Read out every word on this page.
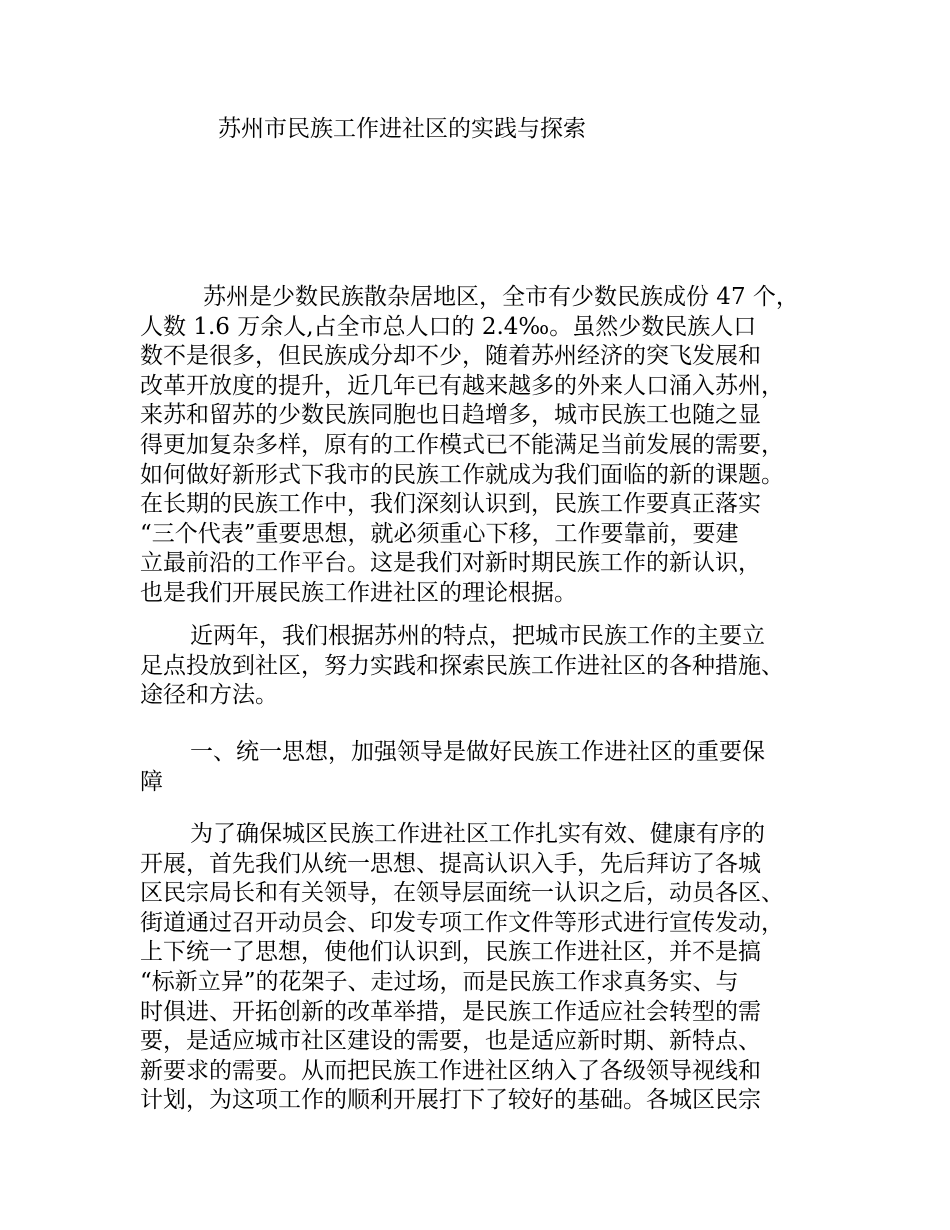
苏州市民族工作进社区的实践与探索

苏州是少数民族散杂居地区，全市有少数民族成份 47 个，
人数 1.6 万余人,占全市总人口的 2.4‰。虽然少数民族人口
数不是很多，但民族成分却不少，随着苏州经济的突飞发展和
改革开放度的提升，近几年已有越来越多的外来人口涌入苏州，
来苏和留苏的少数民族同胞也日趋增多，城市民族工也随之显
得更加复杂多样，原有的工作模式已不能满足当前发展的需要，
如何做好新形式下我市的民族工作就成为我们面临的新的课题。
在长期的民族工作中，我们深刻认识到，民族工作要真正落实
“三个代表”重要思想，就必须重心下移，工作要靠前，要建
立最前沿的工作平台。这是我们对新时期民族工作的新认识，
也是我们开展民族工作进社区的理论根据。

近两年，我们根据苏州的特点，把城市民族工作的主要立
足点投放到社区，努力实践和探索民族工作进社区的各种措施、
途径和方法。

一、统一思想，加强领导是做好民族工作进社区的重要保
障

为了确保城区民族工作进社区工作扎实有效、健康有序的
开展，首先我们从统一思想、提高认识入手，先后拜访了各城
区民宗局长和有关领导，在领导层面统一认识之后，动员各区、
街道通过召开动员会、印发专项工作文件等形式进行宣传发动，
上下统一了思想，使他们认识到，民族工作进社区，并不是搞
“标新立异”的花架子、走过场，而是民族工作求真务实、与
时俱进、开拓创新的改革举措，是民族工作适应社会转型的需
要，是适应城市社区建设的需要，也是适应新时期、新特点、
新要求的需要。从而把民族工作进社区纳入了各级领导视线和
计划，为这项工作的顺利开展打下了较好的基础。各城区民宗
